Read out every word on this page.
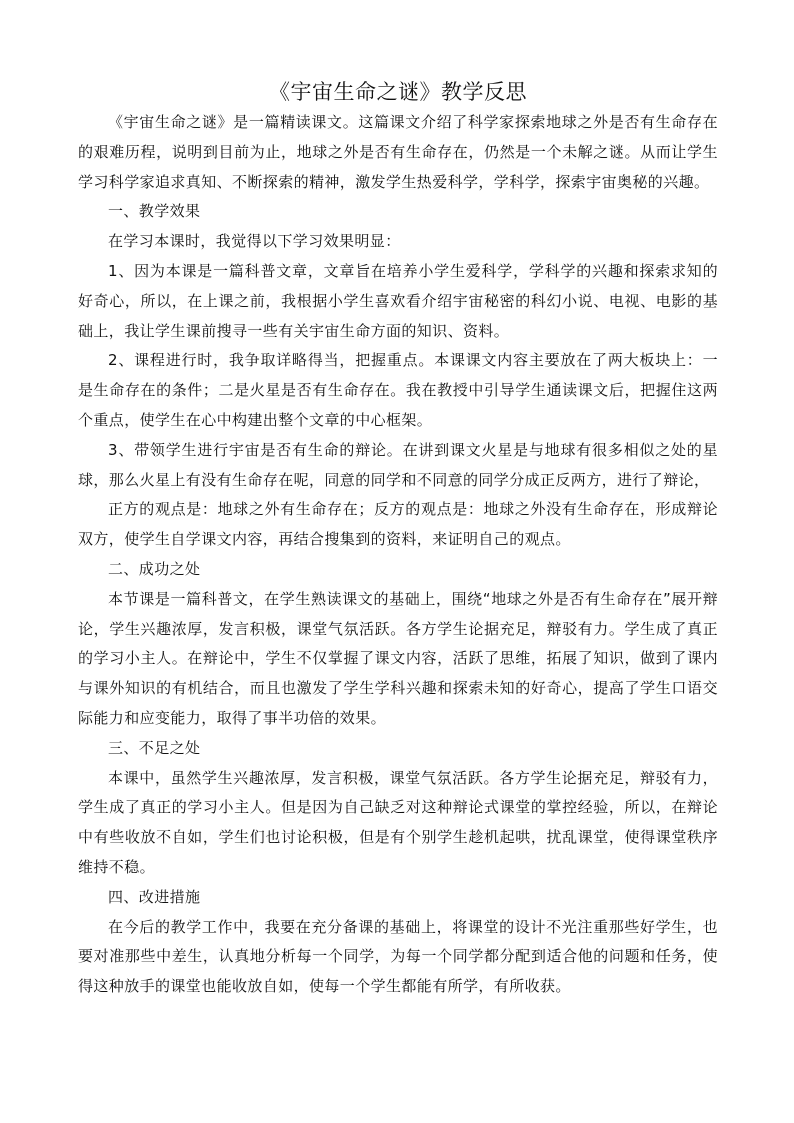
《宇宙生命之谜》教学反思

《宇宙生命之谜》是一篇精读课文。这篇课文介绍了科学家探索地球之外是否有生命存在的艰难历程，说明到目前为止，地球之外是否有生命存在，仍然是一个未解之谜。从而让学生学习科学家追求真知、不断探索的精神，激发学生热爱科学，学科学，探索宇宙奥秘的兴趣。

一、教学效果

在学习本课时，我觉得以下学习效果明显：

1、因为本课是一篇科普文章，文章旨在培养小学生爱科学，学科学的兴趣和探索求知的好奇心，所以，在上课之前，我根据小学生喜欢看介绍宇宙秘密的科幻小说、电视、电影的基础上，我让学生课前搜寻一些有关宇宙生命方面的知识、资料。

2、课程进行时，我争取详略得当，把握重点。本课课文内容主要放在了两大板块上：一是生命存在的条件；二是火星是否有生命存在。我在教授中引导学生通读课文后，把握住这两个重点，使学生在心中构建出整个文章的中心框架。

3、带领学生进行宇宙是否有生命的辩论。在讲到课文火星是与地球有很多相似之处的星球，那么火星上有没有生命存在呢，同意的同学和不同意的同学分成正反两方，进行了辩论，

正方的观点是：地球之外有生命存在；反方的观点是：地球之外没有生命存在，形成辩论双方，使学生自学课文内容，再结合搜集到的资料，来证明自己的观点。

二、成功之处

本节课是一篇科普文，在学生熟读课文的基础上，围绕“地球之外是否有生命存在”展开辩论，学生兴趣浓厚，发言积极，课堂气氛活跃。各方学生论据充足，辩驳有力。学生成了真正的学习小主人。在辩论中，学生不仅掌握了课文内容，活跃了思维，拓展了知识，做到了课内与课外知识的有机结合，而且也激发了学生学科兴趣和探索未知的好奇心，提高了学生口语交际能力和应变能力，取得了事半功倍的效果。

三、不足之处

本课中，虽然学生兴趣浓厚，发言积极，课堂气氛活跃。各方学生论据充足，辩驳有力，学生成了真正的学习小主人。但是因为自己缺乏对这种辩论式课堂的掌控经验，所以，在辩论中有些收放不自如，学生们也讨论积极，但是有个别学生趁机起哄，扰乱课堂，使得课堂秩序维持不稳。

四、改进措施

在今后的教学工作中，我要在充分备课的基础上，将课堂的设计不光注重那些好学生，也要对准那些中差生，认真地分析每一个同学，为每一个同学都分配到适合他的问题和任务，使得这种放手的课堂也能收放自如，使每一个学生都能有所学，有所收获。
